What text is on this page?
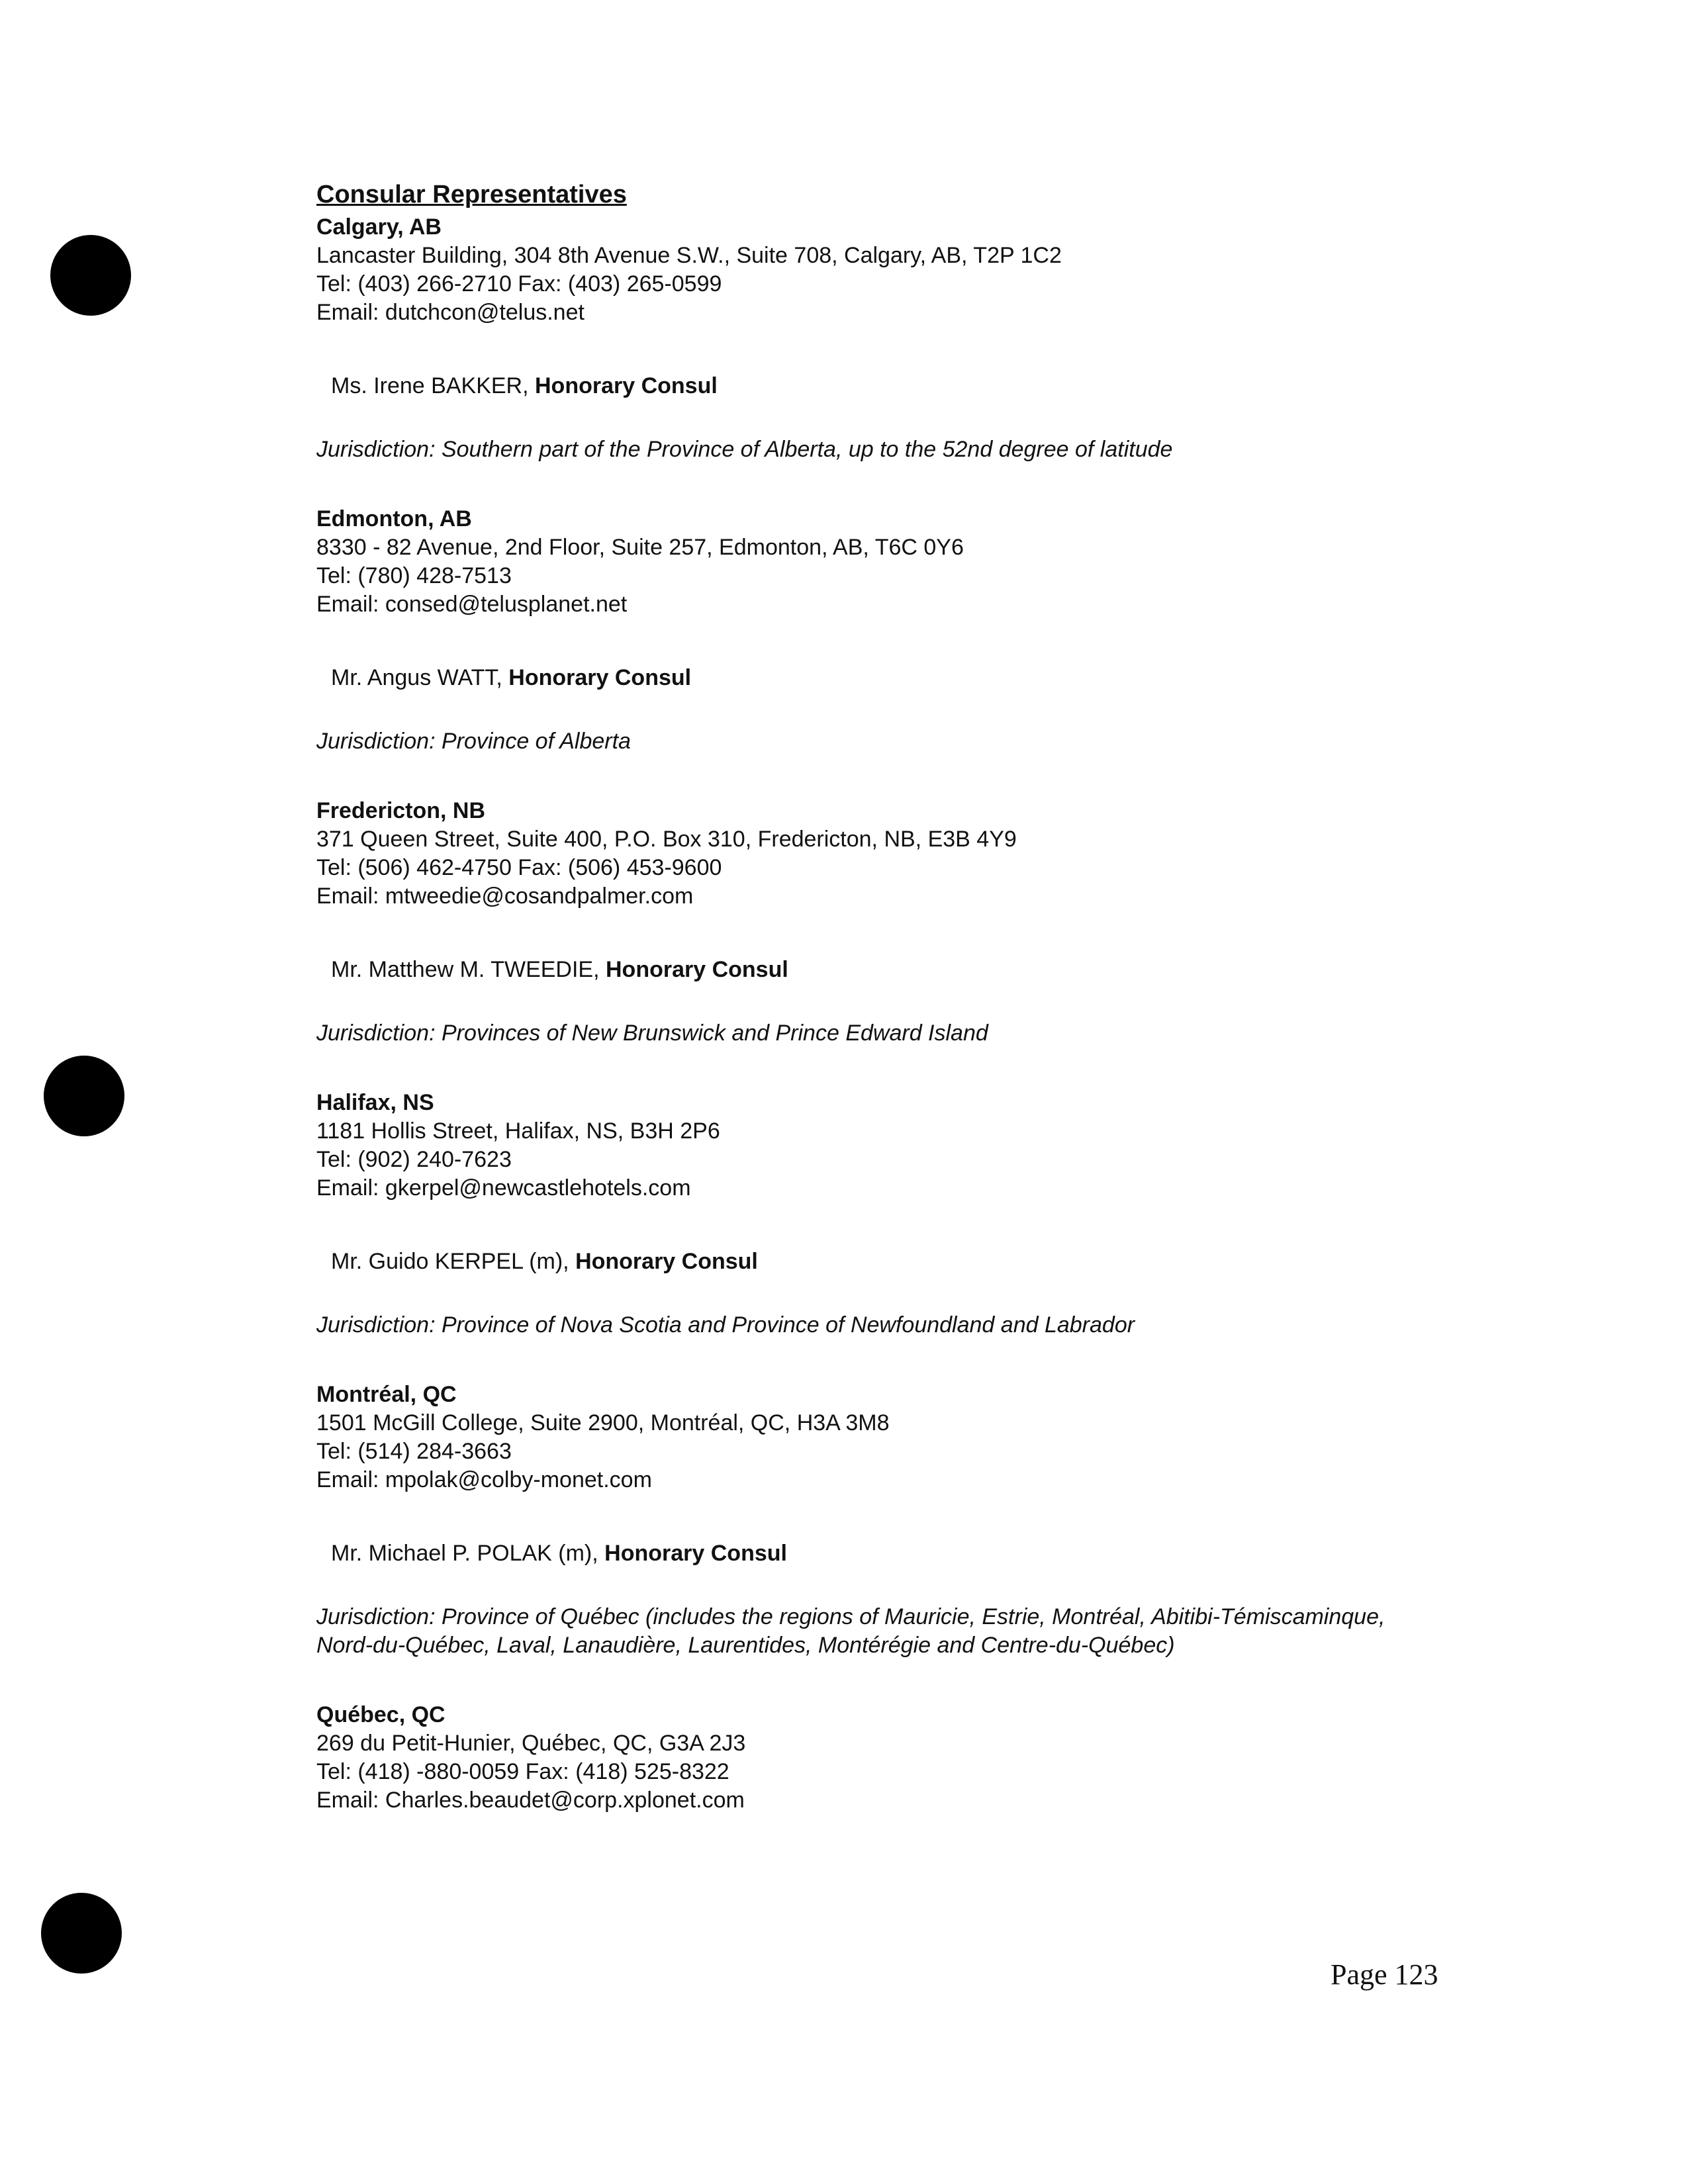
Consular Representatives
Calgary, AB
Lancaster Building, 304 8th Avenue S.W., Suite 708, Calgary, AB, T2P 1C2
Tel: (403) 266-2710 Fax: (403) 265-0599
Email: dutchcon@telus.net
Ms. Irene BAKKER, Honorary Consul
Jurisdiction: Southern part of the Province of Alberta, up to the 52nd degree of latitude
Edmonton, AB
8330 - 82 Avenue, 2nd Floor, Suite 257, Edmonton, AB, T6C 0Y6
Tel: (780) 428-7513
Email: consed@telusplanet.net
Mr. Angus WATT, Honorary Consul
Jurisdiction: Province of Alberta
Fredericton, NB
371 Queen Street, Suite 400, P.O. Box 310, Fredericton, NB, E3B 4Y9
Tel: (506) 462-4750 Fax: (506) 453-9600
Email: mtweedie@cosandpalmer.com
Mr. Matthew M. TWEEDIE, Honorary Consul
Jurisdiction: Provinces of New Brunswick and Prince Edward Island
Halifax, NS
1181 Hollis Street, Halifax, NS, B3H 2P6
Tel: (902) 240-7623
Email: gkerpel@newcastlehotels.com
Mr. Guido KERPEL (m), Honorary Consul
Jurisdiction: Province of Nova Scotia and Province of Newfoundland and Labrador
Montréal, QC
1501 McGill College, Suite 2900, Montréal, QC, H3A 3M8
Tel: (514) 284-3663
Email: mpolak@colby-monet.com
Mr. Michael P. POLAK (m), Honorary Consul
Jurisdiction: Province of Québec (includes the regions of Mauricie, Estrie, Montréal, Abitibi-Témiscaminque, Nord-du-Québec, Laval, Lanaudière, Laurentides, Montérégie and Centre-du-Québec)
Québec, QC
269 du Petit-Hunier, Québec, QC, G3A 2J3
Tel: (418) -880-0059 Fax: (418) 525-8322
Email: Charles.beaudet@corp.xplonet.com
Page 123
